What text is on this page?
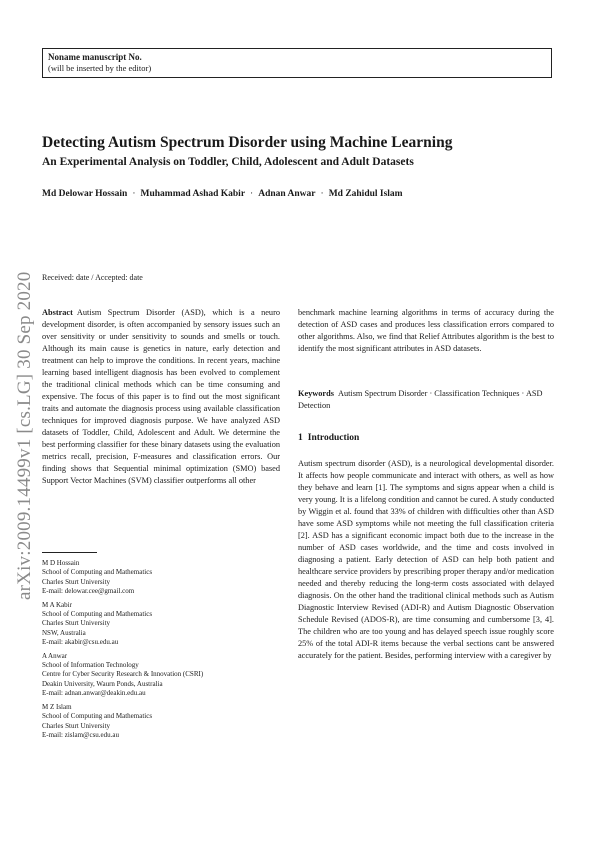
Noname manuscript No.
(will be inserted by the editor)
arXiv:2009.14499v1 [cs.LG] 30 Sep 2020
Detecting Autism Spectrum Disorder using Machine Learning
An Experimental Analysis on Toddler, Child, Adolescent and Adult Datasets
Md Delowar Hossain · Muhammad Ashad Kabir · Adnan Anwar · Md Zahidul Islam
Received: date / Accepted: date
Abstract Autism Spectrum Disorder (ASD), which is a neuro development disorder, is often accompanied by sensory issues such an over sensitivity or under sensitivity to sounds and smells or touch. Although its main cause is genetics in nature, early detection and treatment can help to improve the conditions. In recent years, machine learning based intelligent diagnosis has been evolved to complement the traditional clinical methods which can be time consuming and expensive. The focus of this paper is to find out the most significant traits and automate the diagnosis process using available classification techniques for improved diagnosis purpose. We have analyzed ASD datasets of Toddler, Child, Adolescent and Adult. We determine the best performing classifier for these binary datasets using the evaluation metrics recall, precision, F-measures and classification errors. Our finding shows that Sequential minimal optimization (SMO) based Support Vector Machines (SVM) classifier outperforms all other
M D Hossain
School of Computing and Mathematics
Charles Sturt University
E-mail: delowar.cee@gmail.com
M A Kabir
School of Computing and Mathematics
Charles Sturt University
NSW, Australia
E-mail: akabir@csu.edu.au
A Anwar
School of Information Technology
Centre for Cyber Security Research & Innovation (CSRI)
Deakin University, Waurn Ponds, Australia
E-mail: adnan.anwar@deakin.edu.au
M Z Islam
School of Computing and Mathematics
Charles Sturt University
E-mail: zislam@csu.edu.au
benchmark machine learning algorithms in terms of accuracy during the detection of ASD cases and produces less classification errors compared to other algorithms. Also, we find that Relief Attributes algorithm is the best to identify the most significant attributes in ASD datasets.
Keywords Autism Spectrum Disorder · Classification Techniques · ASD Detection
1 Introduction
Autism spectrum disorder (ASD), is a neurological developmental disorder. It affects how people communicate and interact with others, as well as how they behave and learn [1]. The symptoms and signs appear when a child is very young. It is a lifelong condition and cannot be cured. A study conducted by Wiggin et al. found that 33% of children with difficulties other than ASD have some ASD symptoms while not meeting the full classification criteria [2]. ASD has a significant economic impact both due to the increase in the number of ASD cases worldwide, and the time and costs involved in diagnosing a patient. Early detection of ASD can help both patient and healthcare service providers by prescribing proper therapy and/or medication needed and thereby reducing the long-term costs associated with delayed diagnosis. On the other hand the traditional clinical methods such as Autism Diagnostic Interview Revised (ADI-R) and Autism Diagnostic Observation Schedule Revised (ADOS-R), are time consuming and cumbersome [3, 4]. The children who are too young and has delayed speech issue roughly score 25% of the total ADI-R items because the verbal sections cant be answered accurately for the patient. Besides, performing interview with a caregiver by
